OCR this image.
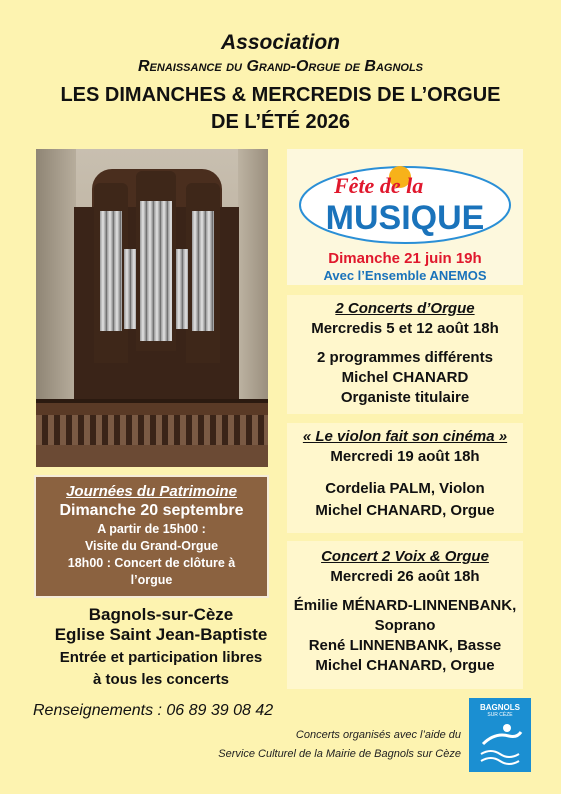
Association
Renaissance du Grand-Orgue de Bagnols
LES DIMANCHES & MERCREDIS DE L’ORGUE
DE L’ÉTÉ 2026
Journées du Patrimoine
Dimanche 20 septembre
A partir de 15h00 :
Visite du Grand-Orgue
18h00 : Concert de clôture à
l’orgue
Bagnols-sur-Cèze
Eglise Saint Jean-Baptiste
Entrée et participation libres
à tous les concerts
Renseignements : 06 89 39 08 42
Fête de la
MUSIQUE
Dimanche 21 juin 19h
Avec l’Ensemble ANEMOS
2 Concerts d’Orgue
Mercredis 5 et 12 août 18h
2 programmes différents
Michel CHANARD
Organiste titulaire
« Le violon fait son cinéma »
Mercredi 19 août 18h
Cordelia PALM, Violon
Michel CHANARD, Orgue
Concert 2 Voix & Orgue
Mercredi 26 août 18h
Émilie MÉNARD-LINNENBANK,
Soprano
René LINNENBANK, Basse
Michel CHANARD, Orgue
Concerts organisés avec l’aide du
Service Culturel de la Mairie de Bagnols sur Cèze
BAGNOLS
SUR CÈZE
